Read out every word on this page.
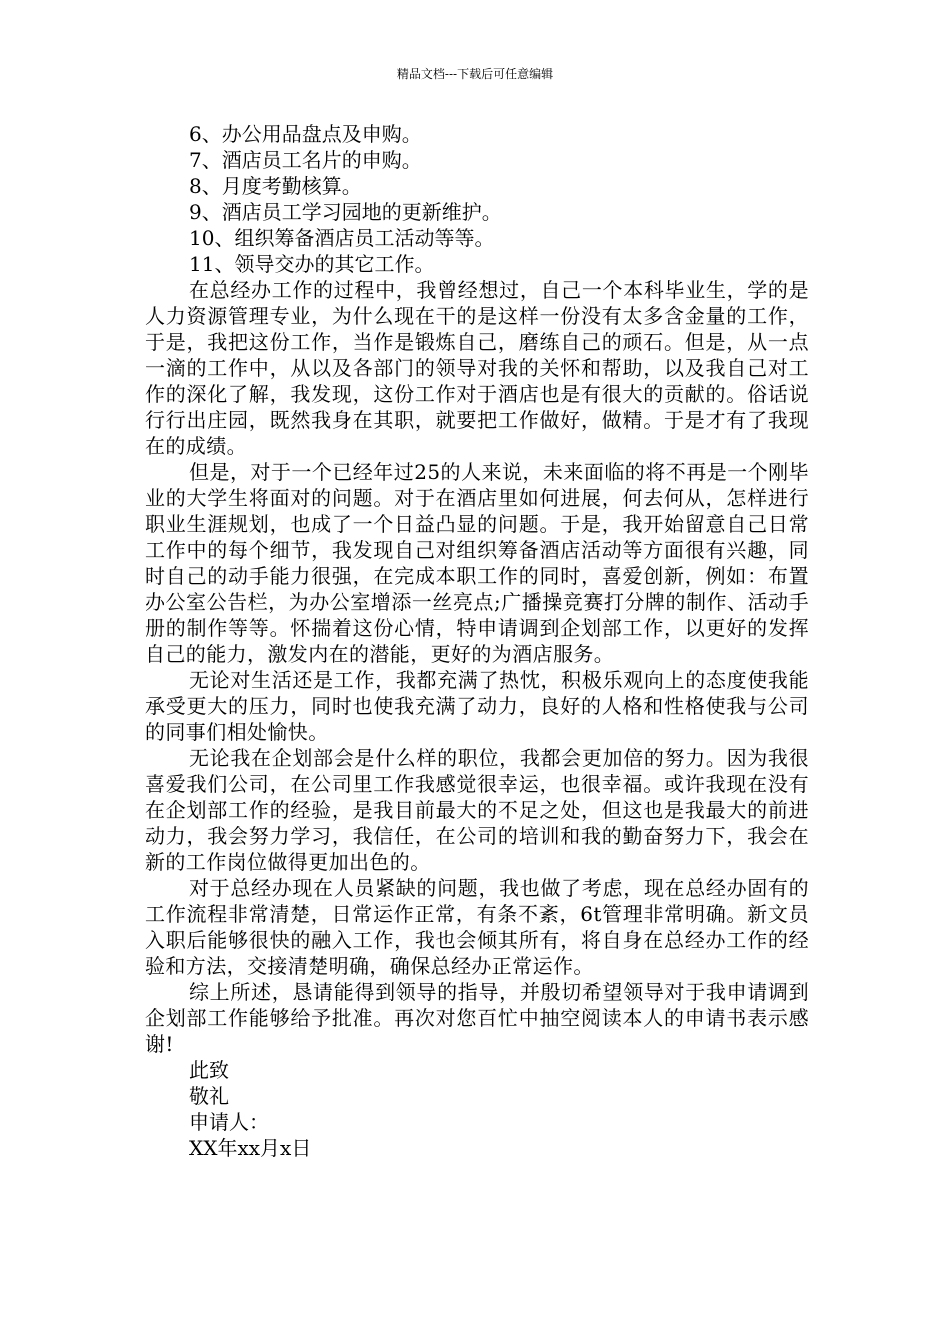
精品文档---下载后可任意编辑

6、办公用品盘点及申购。

7、酒店员工名片的申购。

8、月度考勤核算。

9、酒店员工学习园地的更新维护。

10、组织筹备酒店员工活动等等。

11、领导交办的其它工作。

在总经办工作的过程中，我曾经想过，自己一个本科毕业生，学的是人力资源管理专业，为什么现在干的是这样一份没有太多含金量的工作，于是，我把这份工作，当作是锻炼自己，磨练自己的顽石。但是，从一点一滴的工作中，从以及各部门的领导对我的关怀和帮助，以及我自己对工作的深化了解，我发现，这份工作对于酒店也是有很大的贡献的。俗话说行行出庄园，既然我身在其职，就要把工作做好，做精。于是才有了我现在的成绩。

但是，对于一个已经年过25的人来说，未来面临的将不再是一个刚毕业的大学生将面对的问题。对于在酒店里如何进展，何去何从，怎样进行职业生涯规划，也成了一个日益凸显的问题。于是，我开始留意自己日常工作中的每个细节，我发现自己对组织筹备酒店活动等方面很有兴趣，同时自己的动手能力很强，在完成本职工作的同时，喜爱创新，例如：布置办公室公告栏，为办公室增添一丝亮点;广播操竞赛打分牌的制作、活动手册的制作等等。怀揣着这份心情，特申请调到企划部工作，以更好的发挥自己的能力，激发内在的潜能，更好的为酒店服务。

无论对生活还是工作，我都充满了热忱，积极乐观向上的态度使我能承受更大的压力，同时也使我充满了动力，良好的人格和性格使我与公司的同事们相处愉快。

无论我在企划部会是什么样的职位，我都会更加倍的努力。因为我很喜爱我们公司，在公司里工作我感觉很幸运，也很幸福。或许我现在没有在企划部工作的经验，是我目前最大的不足之处，但这也是我最大的前进动力，我会努力学习，我信任，在公司的培训和我的勤奋努力下，我会在新的工作岗位做得更加出色的。

对于总经办现在人员紧缺的问题，我也做了考虑，现在总经办固有的工作流程非常清楚，日常运作正常，有条不紊，6t管理非常明确。新文员入职后能够很快的融入工作，我也会倾其所有，将自身在总经办工作的经验和方法，交接清楚明确，确保总经办正常运作。

综上所述，恳请能得到领导的指导，并殷切希望领导对于我申请调到企划部工作能够给予批准。再次对您百忙中抽空阅读本人的申请书表示感谢!

此致

敬礼

申请人：

XX年xx月x日
